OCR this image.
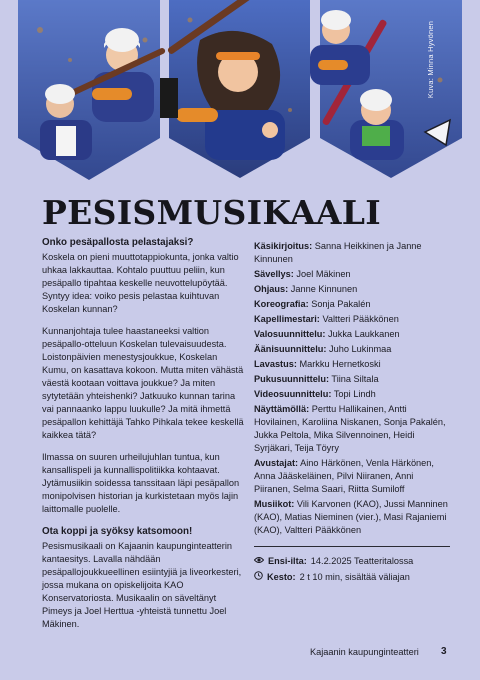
Kuva: Minna Hyvönen
PESISMUSIKAALI
Onko pesäpallosta pelastajaksi?

Koskela on pieni muuttotappiokunta, jonka valtio uhkaa lakkauttaa. Kohtalo puuttuu peliin, kun pesäpallo tipahtaa keskelle neuvottelupöytää. Syntyy idea: voiko pesis pelastaa kuihtuvan Koskelan kunnan?

Kunnanjohtaja tulee haastaneeksi valtion pesäpallo-otteluun Koskelan tulevaisuudesta. Loistonpäivien menestysjoukkue, Koskelan Kumu, on kasattava kokoon. Mutta miten vähästä väestä kootaan voittava joukkue? Ja miten sytytetään yhteishenki? Jatkuuko kunnan tarina vai pannaanko lappu luukulle? Ja mitä ihmettä pesäpallon kehittäjä Tahko Pihkala tekee keskellä kaikkea tätä?

Ilmassa on suuren urheilujuhlan tuntua, kun kansallispeli ja kunnallispolitiikka kohtaavat. Jytämusiikin soidessa tanssitaan läpi pesäpallon monipolvisen historian ja kurkistetaan myös lajin laittomalle puolelle.

Ota koppi ja syöksy katsomoon!

Pesismusikaali on Kajaanin kaupunginteatterin kantaesitys. Lavalla nähdään pesäpallojoukkueellinen esiintyjiä ja liveorkesteri, jossa mukana on opiskelijoita KAO Konservatoriosta. Musikaalin on säveltänyt Pimeys ja Joel Herttua -yhteistä tunnettu Joel Mäkinen.

Käsikirjoitus: Sanna Heikkinen ja Janne Kinnunen
Sävellys: Joel Mäkinen
Ohjaus: Janne Kinnunen
Koreografia: Sonja Pakalén
Kapellimestari: Valtteri Pääkkönen
Valosuunnittelu: Jukka Laukkanen
Äänisuunnittelu: Juho Lukinmaa
Lavastus: Markku Hernetkoski
Pukusuunnittelu: Tiina Siltala
Videosuunnittelu: Topi Lindh
Näyttämöllä: Perttu Hallikainen, Antti Hovilainen, Karoliina Niskanen, Sonja Pakalén, Jukka Peltola, Mika Silvennoinen, Heidi Syrjäkari, Teija Töyry
Avustajat: Aino Härkönen, Venla Härkönen, Anna Jääskeläinen, Pilvi Niiranen, Anni Piiranen, Selma Saari, Riitta Sumiloff
Musiikot: Vili Karvonen (KAO), Jussi Manninen (KAO), Matias Nieminen (vier.), Masi Rajaniemi (KAO), Valtteri Pääkkönen
Ensi-ilta: 14.2.2025 Teatteritalossa
Kesto: 2 t 10 min, sisältää väliajan
Kajaanin kaupunginteatteri 3
